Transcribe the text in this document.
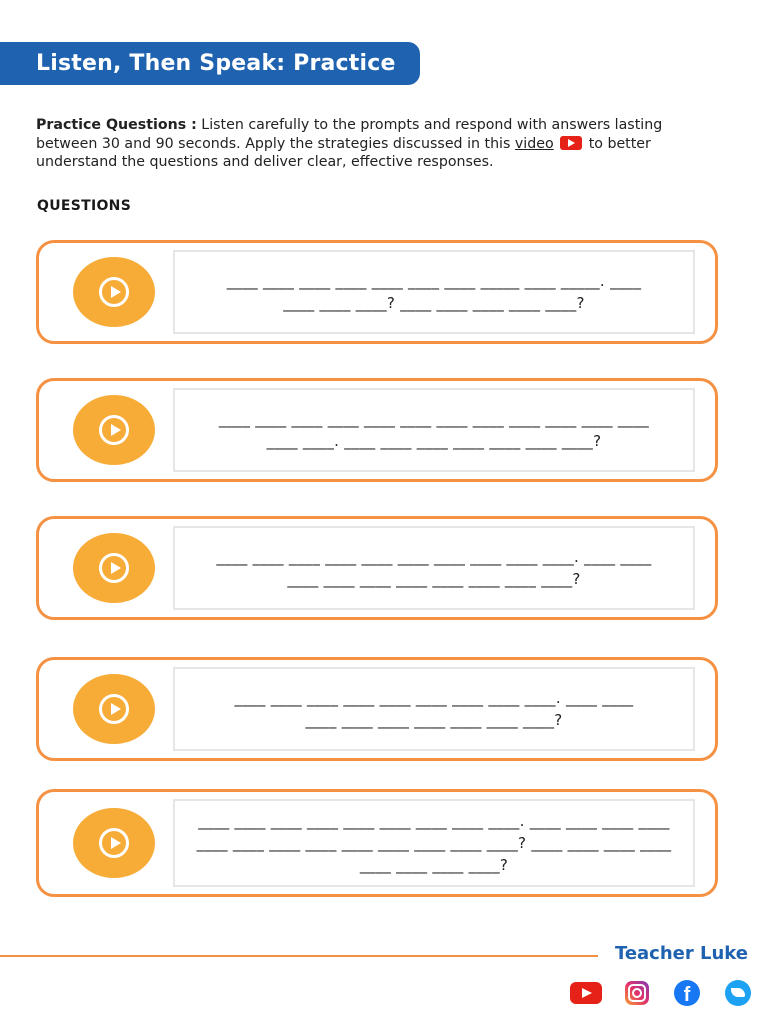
Listen, Then Speak: Practice
Practice Questions : Listen carefully to the prompts and respond with answers lasting between 30 and 90 seconds. Apply the strategies discussed in this video  to better understand the questions and deliver clear, effective responses.
QUESTIONS
____ ____ ____ ____ ____ ____ ____ _____ ____ _____. ____
____ ____ ____? ____ ____ ____ ____ ____?
____ ____ ____ ____ ____ ____ ____ ____ ____ ____ ____ ____
____ ____. ____ ____ ____ ____ ____ ____ ____?
____ ____ ____ ____ ____ ____ ____ ____ ____ ____. ____ ____
____ ____ ____ ____ ____ ____ ____ ____?
____ ____ ____ ____ ____ ____ ____ ____ ____. ____ ____
____ ____ ____ ____ ____ ____ ____?
____ ____ ____ ____ ____ ____ ____ ____ ____. ____ ____ ____ ____
____ ____ ____ ____ ____ ____ ____ ____ ____? ____ ____ ____ ____
____ ____ ____ ____?
Teacher Luke
f
